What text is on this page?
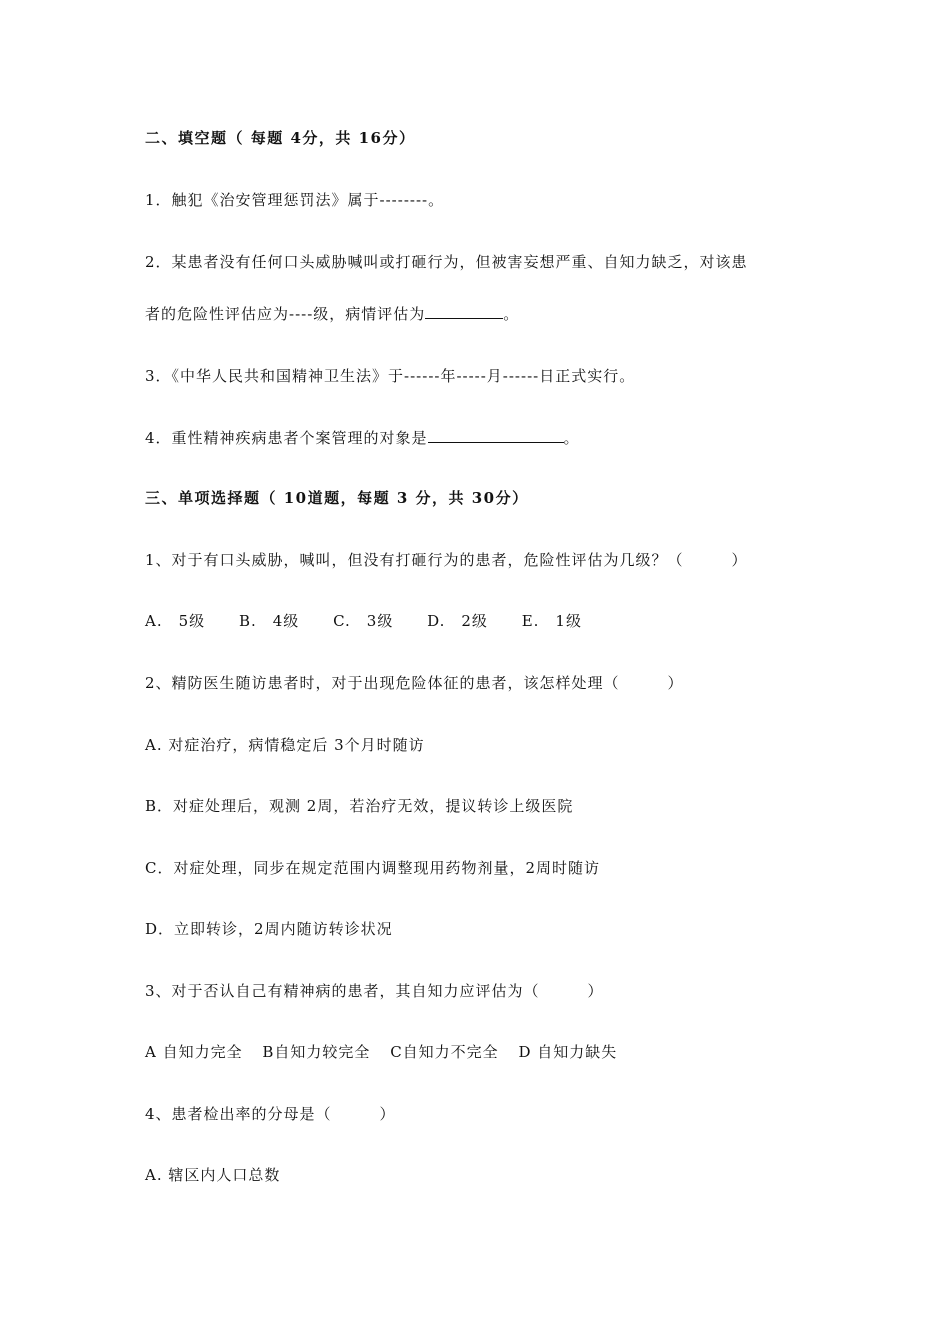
二、填空题（ 每题 4分，共 16分）
1．触犯《治安管理惩罚法》属于--------。
2．某患者没有任何口头威胁喊叫或打砸行为，但被害妄想严重、自知力缺乏，对该患
者的危险性评估应为----级，病情评估为	。
3．《中华人民共和国精神卫生法》于------年-----月------日正式实行。
4．重性精神疾病患者个案管理的对象是	。
三、单项选择题（ 10道题，每题 3 分，共 30分）
1、对于有口头威胁，喊叫，但没有打砸行为的患者，危险性评估为几级？（　　　）
A.　5级 B.　4级 C.　3级 D.　2级 E.　1级
2、精防医生随访患者时，对于出现危险体征的患者，该怎样处理（　　　）
A. 对症治疗，病情稳定后 3个月时随访
B．对症处理后，观测 2周，若治疗无效，提议转诊上级医院
C．对症处理，同步在规定范围内调整现用药物剂量，2周时随访
D．立即转诊，2周内随访转诊状况
3、对于否认自己有精神病的患者，其自知力应评估为（　　　）
A 自知力完全 B自知力较完全 C自知力不完全 D 自知力缺失
4、患者检出率的分母是（　　　）
A. 辖区内人口总数
